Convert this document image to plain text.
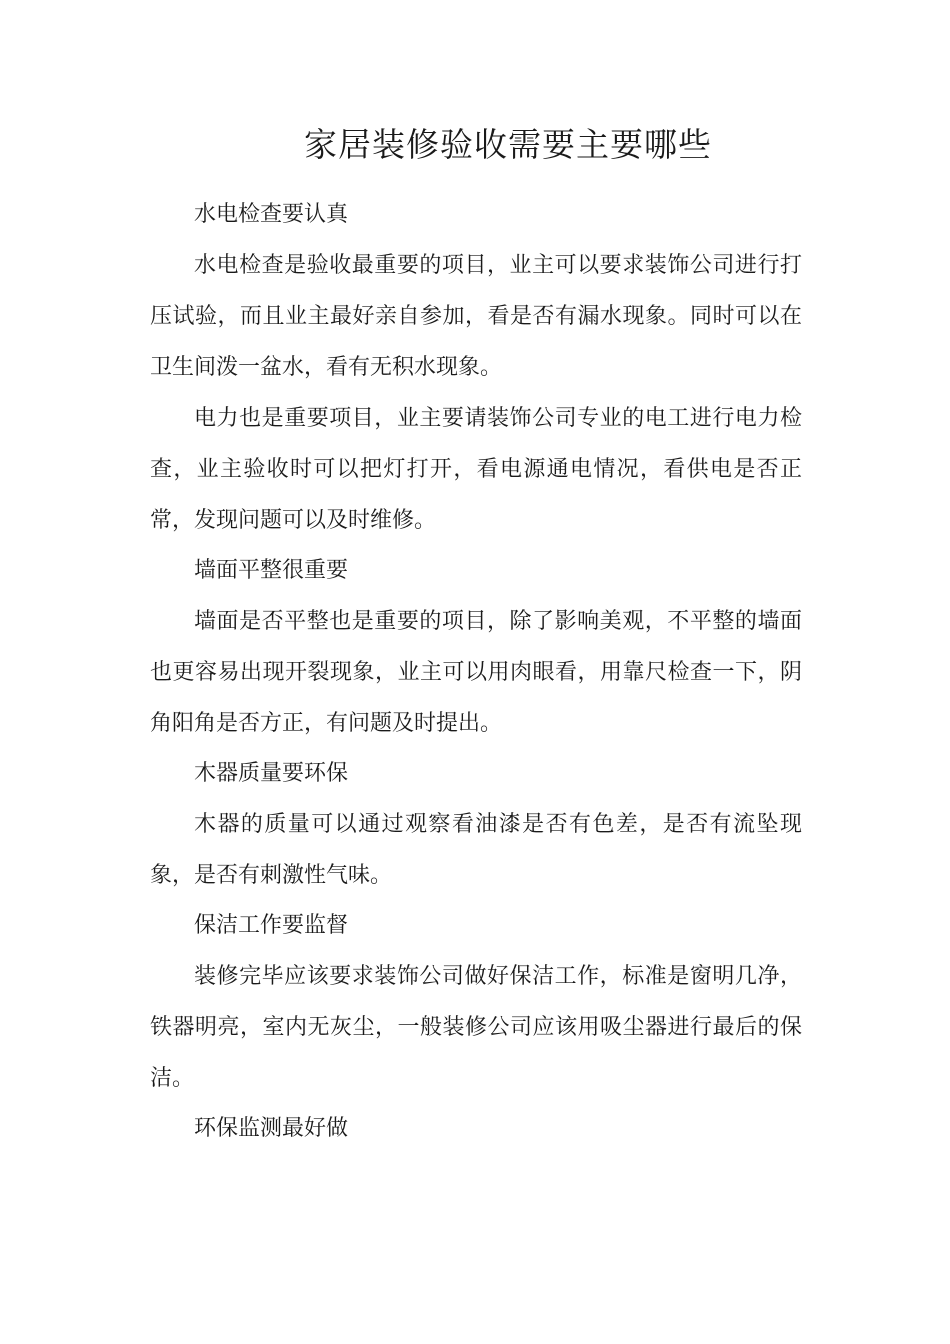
家居装修验收需要主要哪些

水电检查要认真

水电检查是验收最重要的项目，业主可以要求装饰公司进行打压试验，而且业主最好亲自参加，看是否有漏水现象。同时可以在卫生间泼一盆水，看有无积水现象。

电力也是重要项目，业主要请装饰公司专业的电工进行电力检查，业主验收时可以把灯打开，看电源通电情况，看供电是否正常，发现问题可以及时维修。

墙面平整很重要

墙面是否平整也是重要的项目，除了影响美观，不平整的墙面也更容易出现开裂现象，业主可以用肉眼看，用靠尺检查一下，阴角阳角是否方正，有问题及时提出。

木器质量要环保

木器的质量可以通过观察看油漆是否有色差，是否有流坠现象，是否有刺激性气味。

保洁工作要监督

装修完毕应该要求装饰公司做好保洁工作，标准是窗明几净，铁器明亮，室内无灰尘，一般装修公司应该用吸尘器进行最后的保洁。

环保监测最好做
